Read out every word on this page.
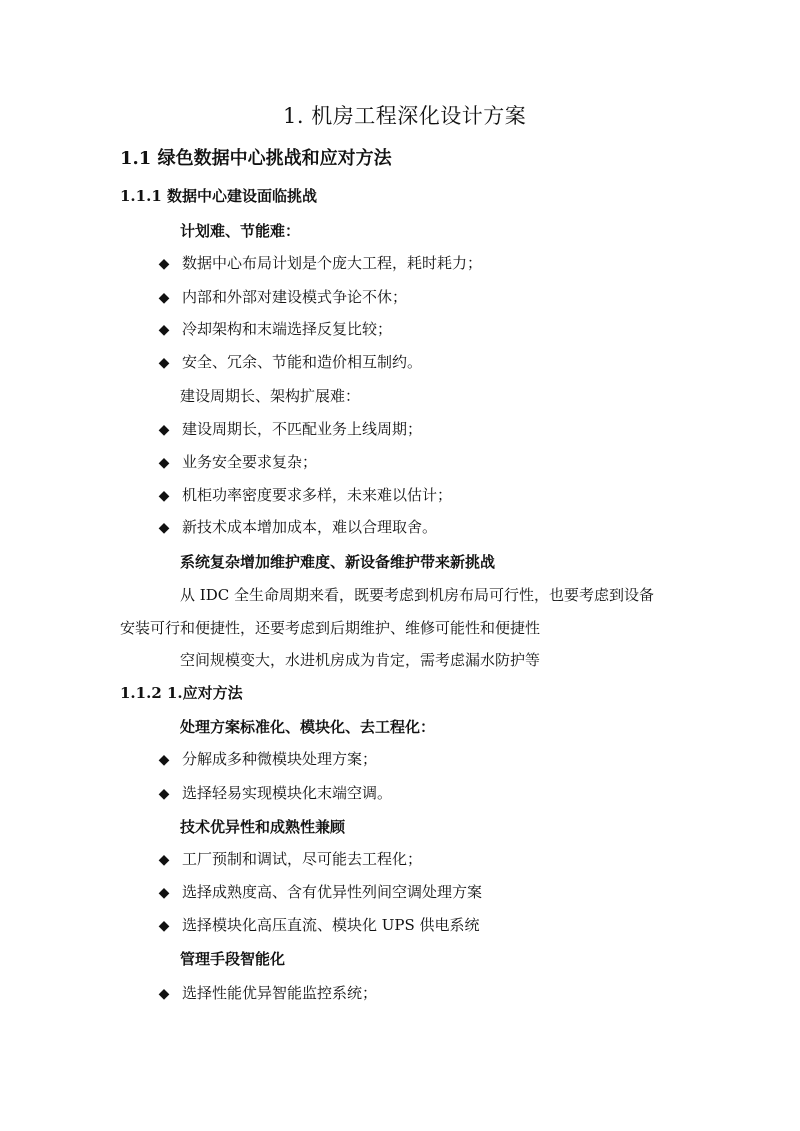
1. 机房工程深化设计方案
1.1 绿色数据中心挑战和应对方法
1.1.1 数据中心建设面临挑战
计划难、节能难：
◆ 数据中心布局计划是个庞大工程，耗时耗力；
◆ 内部和外部对建设模式争论不休；
◆ 冷却架构和末端选择反复比较；
◆ 安全、冗余、节能和造价相互制约。
建设周期长、架构扩展难：
◆ 建设周期长，不匹配业务上线周期；
◆ 业务安全要求复杂；
◆ 机柜功率密度要求多样，未来难以估计；
◆ 新技术成本增加成本，难以合理取舍。
系统复杂增加维护难度、新设备维护带来新挑战
从 IDC 全生命周期来看，既要考虑到机房布局可行性，也要考虑到设备
安装可行和便捷性，还要考虑到后期维护、维修可能性和便捷性
空间规模变大，水进机房成为肯定，需考虑漏水防护等
1.1.2 1.应对方法
处理方案标准化、模块化、去工程化：
◆ 分解成多种微模块处理方案；
◆ 选择轻易实现模块化末端空调。
技术优异性和成熟性兼顾
◆ 工厂预制和调试，尽可能去工程化；
◆ 选择成熟度高、含有优异性列间空调处理方案
◆ 选择模块化高压直流、模块化 UPS 供电系统
管理手段智能化
◆ 选择性能优异智能监控系统；
